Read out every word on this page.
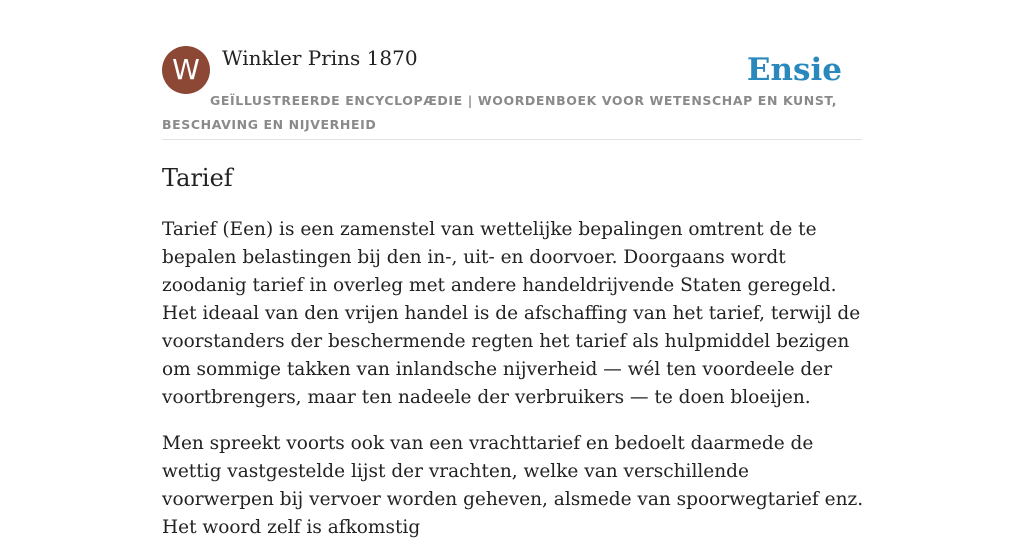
W	Winkler Prins 1870	Ensie
GEÏLLUSTREERDE ENCYCLOPÆDIE | WOORDENBOEK VOOR WETENSCHAP EN KUNST, BESCHAVING EN NIJVERHEID
Tarief

Tarief (Een) is een zamenstel van wettelijke bepalingen omtrent de te bepalen belastingen bij den in-, uit- en doorvoer. Doorgaans wordt zoodanig tarief in overleg met andere handeldrijvende Staten geregeld. Het ideaal van den vrijen handel is de afschaffing van het tarief, terwijl de voorstanders der beschermende regten het tarief als hulpmiddel bezigen om sommige takken van inlandsche nijverheid — wél ten voordeele der voortbrengers, maar ten nadeele der verbruikers — te doen bloeijen.

Men spreekt voorts ook van een vrachttarief en bedoelt daarmede de wettig vastgestelde lijst der vrachten, welke van verschillende voorwerpen bij vervoer worden geheven, alsmede van spoorwegtarief enz. Het woord zelf is afkomstig
